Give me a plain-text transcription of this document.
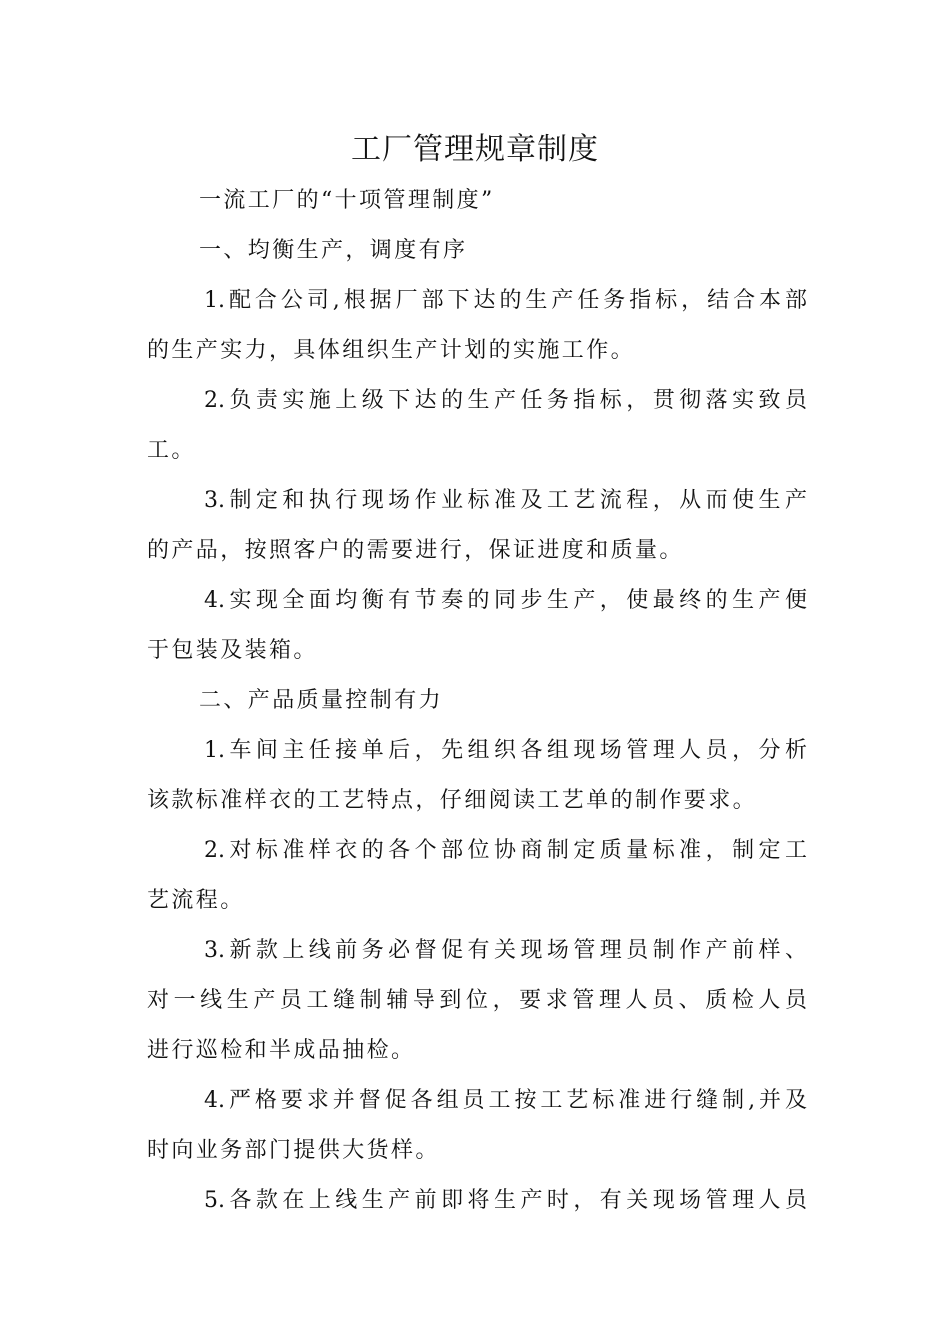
工厂管理规章制度
一流工厂的“十项管理制度”
一、均衡生产，调度有序
1.配合公司,根据厂部下达的生产任务指标，结合本部
的生产实力，具体组织生产计划的实施工作。
2.负责实施上级下达的生产任务指标，贯彻落实致员
工。
3.制定和执行现场作业标准及工艺流程，从而使生产
的产品，按照客户的需要进行，保证进度和质量。
4.实现全面均衡有节奏的同步生产，使最终的生产便
于包装及装箱。
二、产品质量控制有力
1.车间主任接单后，先组织各组现场管理人员，分析
该款标准样衣的工艺特点，仔细阅读工艺单的制作要求。
2.对标准样衣的各个部位协商制定质量标准，制定工
艺流程。
3.新款上线前务必督促有关现场管理员制作产前样、
对一线生产员工缝制辅导到位，要求管理人员、质检人员
进行巡检和半成品抽检。
4.严格要求并督促各组员工按工艺标准进行缝制,并及
时向业务部门提供大货样。
5.各款在上线生产前即将生产时，有关现场管理人员
